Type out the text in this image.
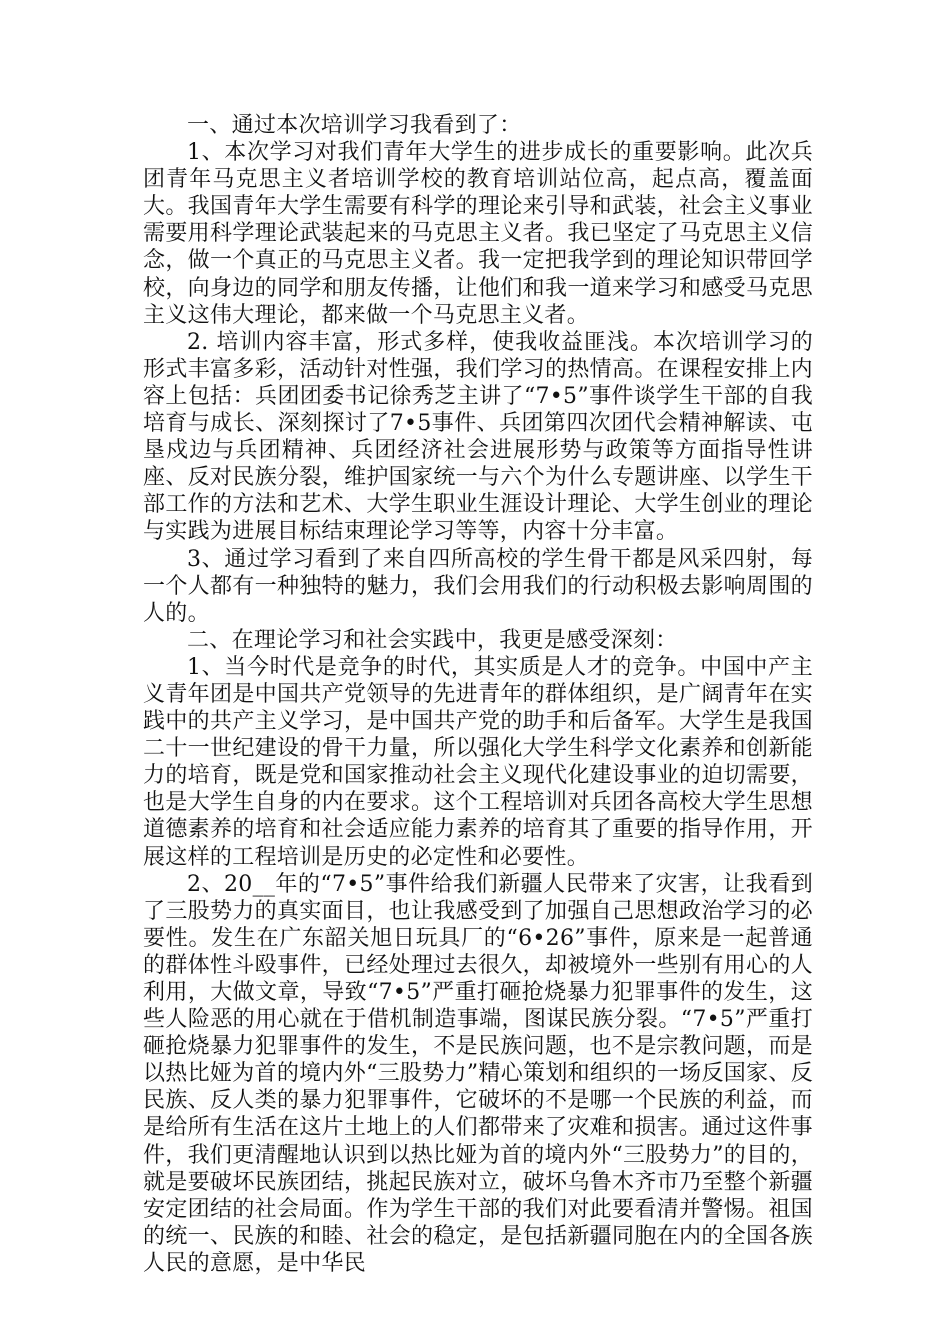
一、通过本次培训学习我看到了：

1、本次学习对我们青年大学生的进步成长的重要影响。此次兵团青年马克思主义者培训学校的教育培训站位高，起点高，覆盖面大。我国青年大学生需要有科学的理论来引导和武装，社会主义事业需要用科学理论武装起来的马克思主义者。我已坚定了马克思主义信念，做一个真正的马克思主义者。我一定把我学到的理论知识带回学校，向身边的同学和朋友传播，让他们和我一道来学习和感受马克思主义这伟大理论，都来做一个马克思主义者。

2. 培训内容丰富，形式多样，使我收益匪浅。本次培训学习的形式丰富多彩，活动针对性强，我们学习的热情高。在课程安排上内容上包括：兵团团委书记徐秀芝主讲了“7•5”事件谈学生干部的自我培育与成长、深刻探讨了7•5事件、兵团第四次团代会精神解读、屯垦戍边与兵团精神、兵团经济社会进展形势与政策等方面指导性讲座、反对民族分裂，维护国家统一与六个为什么专题讲座、以学生干部工作的方法和艺术、大学生职业生涯设计理论、大学生创业的理论与实践为进展目标结束理论学习等等，内容十分丰富。

3、通过学习看到了来自四所高校的学生骨干都是风采四射，每一个人都有一种独特的魅力，我们会用我们的行动积极去影响周围的人的。

二、在理论学习和社会实践中，我更是感受深刻：

1、当今时代是竞争的时代，其实质是人才的竞争。中国中产主义青年团是中国共产党领导的先进青年的群体组织，是广阔青年在实践中的共产主义学习，是中国共产党的助手和后备军。大学生是我国二十一世纪建设的骨干力量，所以强化大学生科学文化素养和创新能力的培育，既是党和国家推动社会主义现代化建设事业的迫切需要，也是大学生自身的内在要求。这个工程培训对兵团各高校大学生思想道德素养的培育和社会适应能力素养的培育其了重要的指导作用，开展这样的工程培训是历史的必定性和必要性。

2、20__年的“7•5”事件给我们新疆人民带来了灾害，让我看到了三股势力的真实面目，也让我感受到了加强自己思想政治学习的必要性。发生在广东韶关旭日玩具厂的“6•26”事件，原来是一起普通的群体性斗殴事件，已经处理过去很久，却被境外一些别有用心的人利用，大做文章，导致“7•5”严重打砸抢烧暴力犯罪事件的发生，这些人险恶的用心就在于借机制造事端，图谋民族分裂。“7•5”严重打砸抢烧暴力犯罪事件的发生，不是民族问题，也不是宗教问题，而是以热比娅为首的境内外“三股势力”精心策划和组织的一场反国家、反民族、反人类的暴力犯罪事件，它破坏的不是哪一个民族的利益，而是给所有生活在这片土地上的人们都带来了灾难和损害。通过这件事件，我们更清醒地认识到以热比娅为首的境内外“三股势力”的目的，就是要破坏民族团结，挑起民族对立，破坏乌鲁木齐市乃至整个新疆安定团结的社会局面。作为学生干部的我们对此要看清并警惕。祖国的统一、民族的和睦、社会的稳定，是包括新疆同胞在内的全国各族人民的意愿，是中华民
